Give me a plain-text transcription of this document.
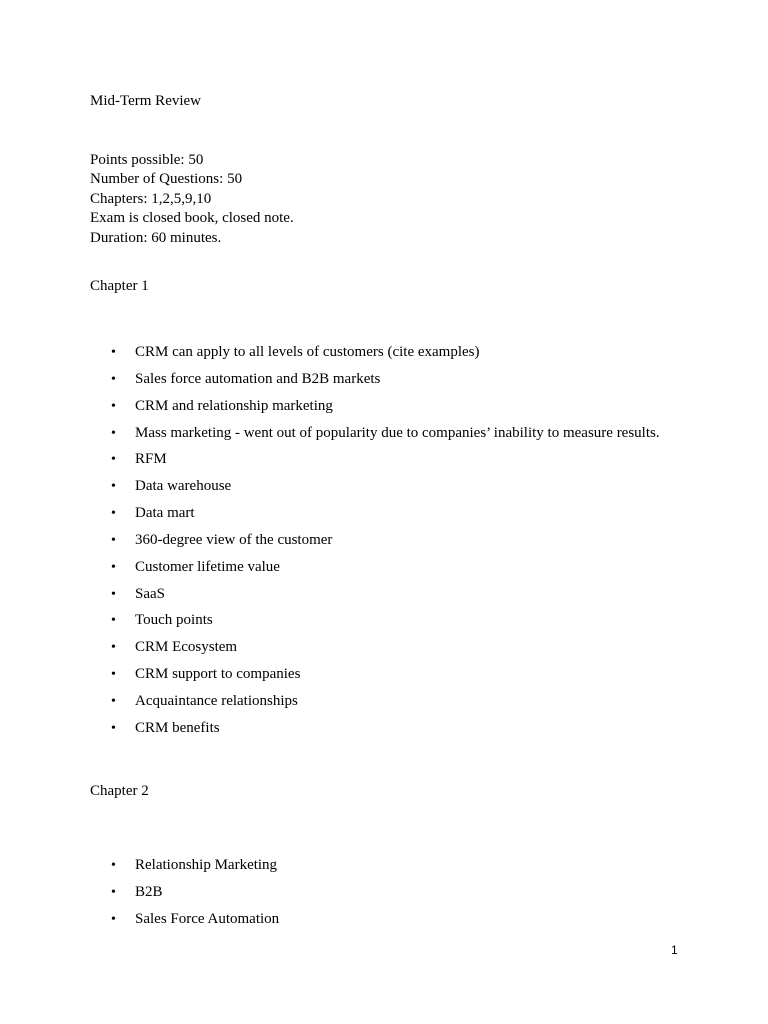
Mid-Term Review
Points possible: 50
Number of Questions: 50
Chapters: 1,2,5,9,10
Exam is closed book, closed note.
Duration: 60 minutes.
Chapter 1
• CRM can apply to all levels of customers (cite examples)
• Sales force automation and B2B markets
• CRM and relationship marketing
• Mass marketing - went out of popularity due to companies’ inability to measure results.
• RFM
• Data warehouse
• Data mart
• 360-degree view of the customer
• Customer lifetime value
• SaaS
• Touch points
• CRM Ecosystem
• CRM support to companies
• Acquaintance relationships
• CRM benefits
Chapter 2
• Relationship Marketing
• B2B
• Sales Force Automation
1
